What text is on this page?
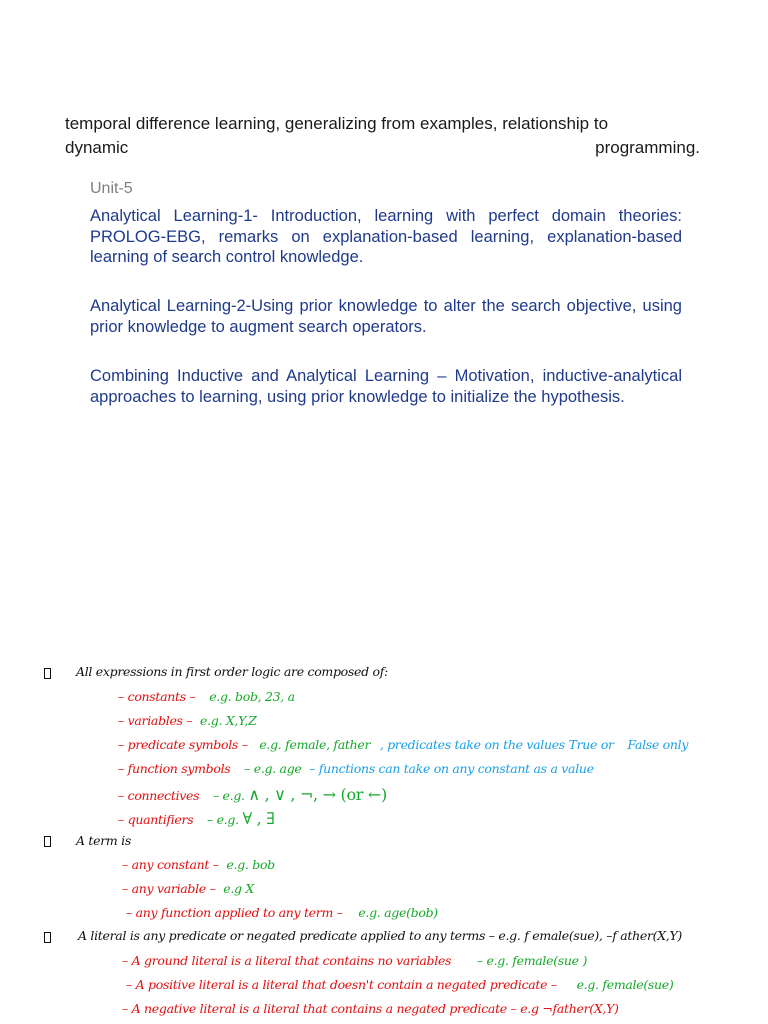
temporal difference learning, generalizing from examples, relationship to
dynamic	programming.
Unit-5
Analytical Learning-1- Introduction, learning with perfect domain theories: PROLOG-EBG, remarks on explanation-based learning, explanation-based learning of search control knowledge.
Analytical Learning-2-Using prior knowledge to alter the search objective, using prior knowledge to augment search operators.
Combining Inductive and Analytical Learning – Motivation, inductive-analytical approaches to learning, using prior knowledge to initialize the hypothesis.
All expressions in first order logic are composed of:
– constants – e.g. bob, 23, a
– variables – e.g. X,Y,Z
– predicate symbols – e.g. female, father , predicates take on the values True or False only
– function symbols – e.g. age – functions can take on any constant as a value
– connectives – e.g. ∧ , ∨ , ¬, → (or ←)
– quantifiers – e.g. ∀ , ∃
A term is
– any constant – e.g. bob
– any variable – e.g X
– any function applied to any term – e.g. age(bob)
A literal is any predicate or negated predicate applied to any terms – e.g. f emale(sue), –f ather(X,Y)
– A ground literal is a literal that contains no variables – e.g. female(sue )
– A positive literal is a literal that doesn't contain a negated predicate – e.g. female(sue)
– A negative literal is a literal that contains a negated predicate – e.g ¬father(X,Y)
